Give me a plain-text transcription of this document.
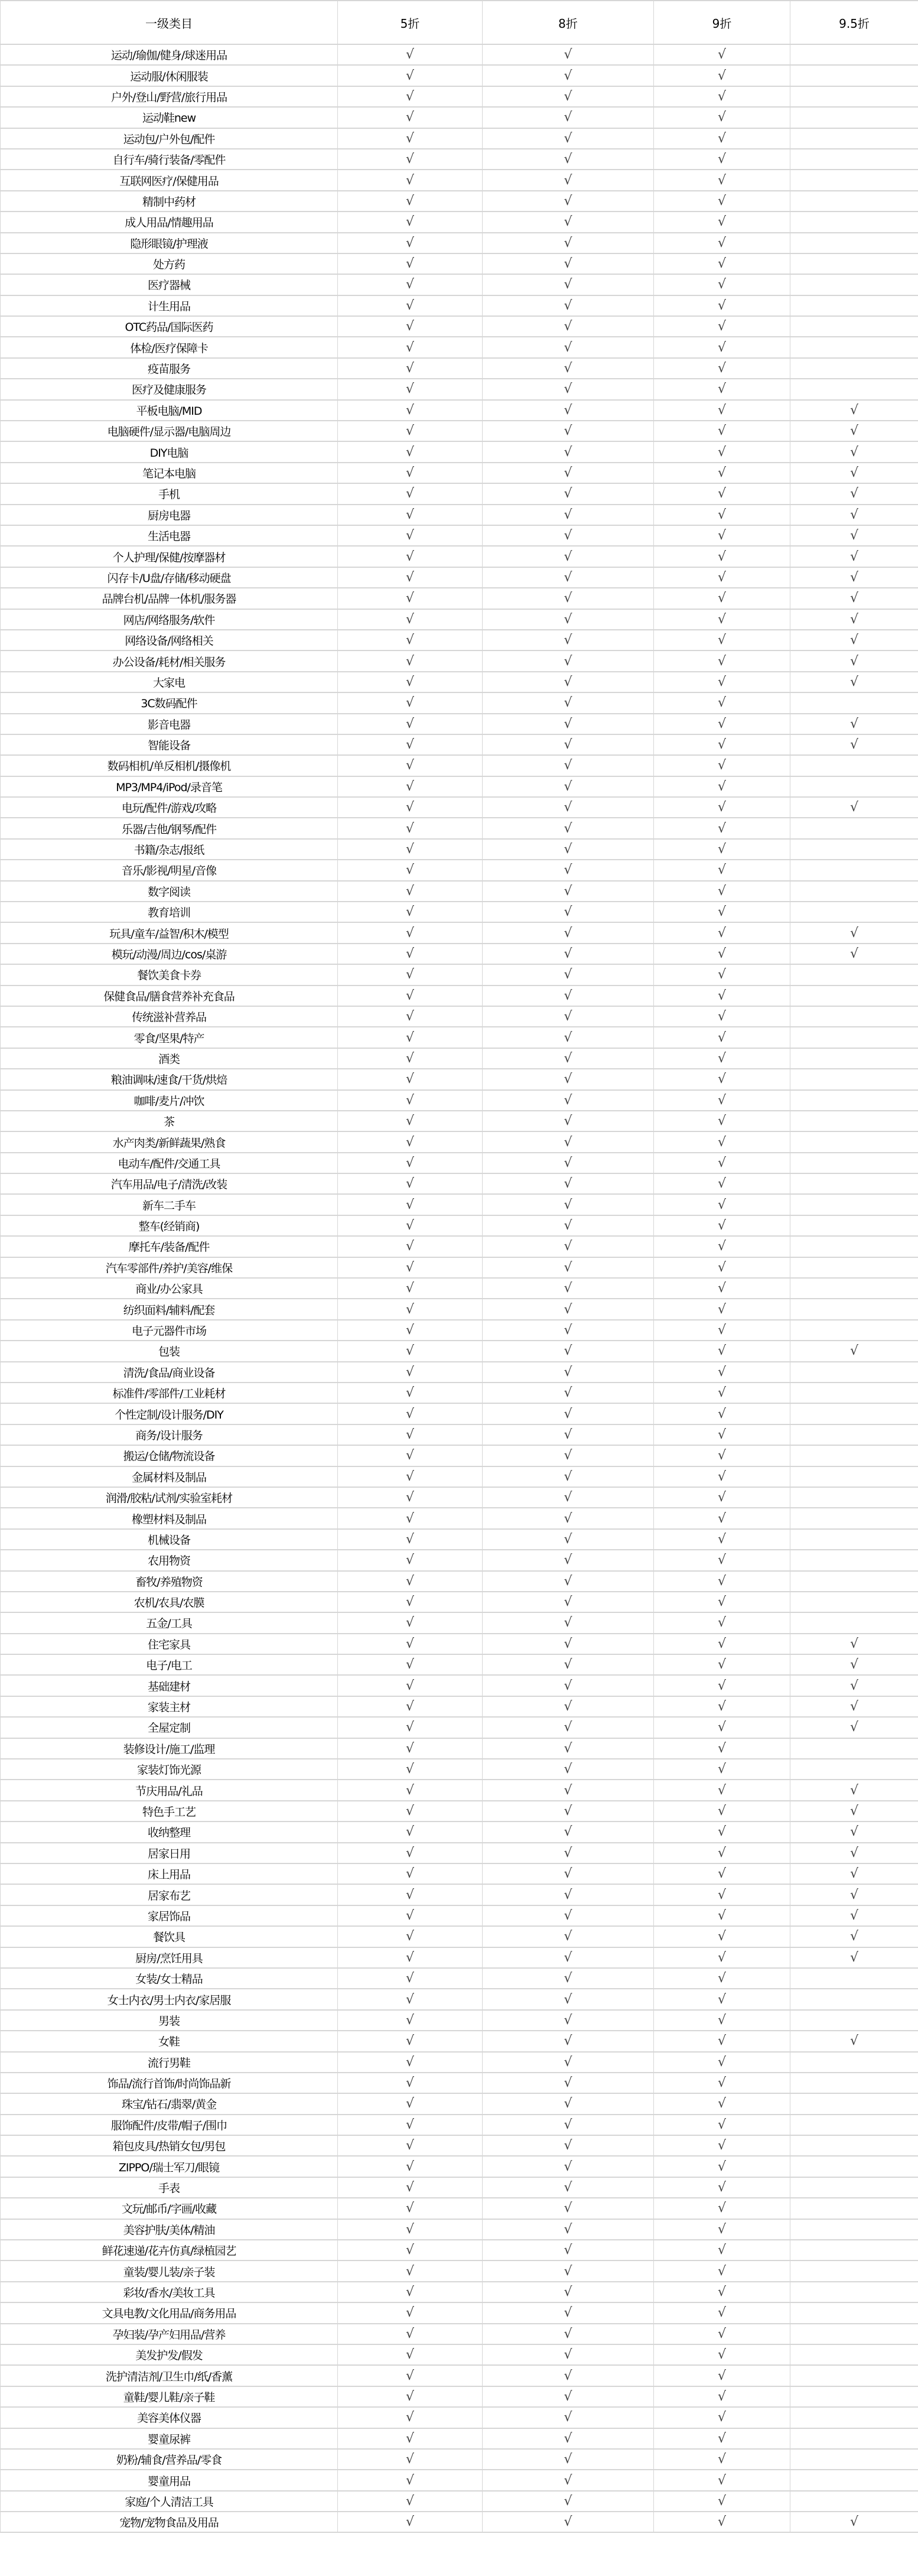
一级类目	5折	8折	9折	9.5折
运动/瑜伽/健身/球迷用品	√	√	√	
运动服/休闲服装	√	√	√	
户外/登山/野营/旅行用品	√	√	√	
运动鞋new	√	√	√	
运动包/户外包/配件	√	√	√	
自行车/骑行装备/零配件	√	√	√	
互联网医疗/保健用品	√	√	√	
精制中药材	√	√	√	
成人用品/情趣用品	√	√	√	
隐形眼镜/护理液	√	√	√	
处方药	√	√	√	
医疗器械	√	√	√	
计生用品	√	√	√	
OTC药品/国际医药	√	√	√	
体检/医疗保障卡	√	√	√	
疫苗服务	√	√	√	
医疗及健康服务	√	√	√	
平板电脑/MID	√	√	√	√
电脑硬件/显示器/电脑周边	√	√	√	√
DIY电脑	√	√	√	√
笔记本电脑	√	√	√	√
手机	√	√	√	√
厨房电器	√	√	√	√
生活电器	√	√	√	√
个人护理/保健/按摩器材	√	√	√	√
闪存卡/U盘/存储/移动硬盘	√	√	√	√
品牌台机/品牌一体机/服务器	√	√	√	√
网店/网络服务/软件	√	√	√	√
网络设备/网络相关	√	√	√	√
办公设备/耗材/相关服务	√	√	√	√
大家电	√	√	√	√
3C数码配件	√	√	√	
影音电器	√	√	√	√
智能设备	√	√	√	√
数码相机/单反相机/摄像机	√	√	√	
MP3/MP4/iPod/录音笔	√	√	√	
电玩/配件/游戏/攻略	√	√	√	√
乐器/吉他/钢琴/配件	√	√	√	
书籍/杂志/报纸	√	√	√	
音乐/影视/明星/音像	√	√	√	
数字阅读	√	√	√	
教育培训	√	√	√	
玩具/童车/益智/积木/模型	√	√	√	√
模玩/动漫/周边/cos/桌游	√	√	√	√
餐饮美食卡券	√	√	√	
保健食品/膳食营养补充食品	√	√	√	
传统滋补营养品	√	√	√	
零食/坚果/特产	√	√	√	
酒类	√	√	√	
粮油调味/速食/干货/烘焙	√	√	√	
咖啡/麦片/冲饮	√	√	√	
茶	√	√	√	
水产肉类/新鲜蔬果/熟食	√	√	√	
电动车/配件/交通工具	√	√	√	
汽车用品/电子/清洗/改装	√	√	√	
新车二手车	√	√	√	
整车(经销商)	√	√	√	
摩托车/装备/配件	√	√	√	
汽车零部件/养护/美容/维保	√	√	√	
商业/办公家具	√	√	√	
纺织面料/辅料/配套	√	√	√	
电子元器件市场	√	√	√	
包装	√	√	√	√
清洗/食品/商业设备	√	√	√	
标准件/零部件/工业耗材	√	√	√	
个性定制/设计服务/DIY	√	√	√	
商务/设计服务	√	√	√	
搬运/仓储/物流设备	√	√	√	
金属材料及制品	√	√	√	
润滑/胶粘/试剂/实验室耗材	√	√	√	
橡塑材料及制品	√	√	√	
机械设备	√	√	√	
农用物资	√	√	√	
畜牧/养殖物资	√	√	√	
农机/农具/农膜	√	√	√	
五金/工具	√	√	√	
住宅家具	√	√	√	√
电子/电工	√	√	√	√
基础建材	√	√	√	√
家装主材	√	√	√	√
全屋定制	√	√	√	√
装修设计/施工/监理	√	√	√	
家装灯饰光源	√	√	√	
节庆用品/礼品	√	√	√	√
特色手工艺	√	√	√	√
收纳整理	√	√	√	√
居家日用	√	√	√	√
床上用品	√	√	√	√
居家布艺	√	√	√	√
家居饰品	√	√	√	√
餐饮具	√	√	√	√
厨房/烹饪用具	√	√	√	√
女装/女士精品	√	√	√	
女士内衣/男士内衣/家居服	√	√	√	
男装	√	√	√	
女鞋	√	√	√	√
流行男鞋	√	√	√	
饰品/流行首饰/时尚饰品新	√	√	√	
珠宝/钻石/翡翠/黄金	√	√	√	
服饰配件/皮带/帽子/围巾	√	√	√	
箱包皮具/热销女包/男包	√	√	√	
ZIPPO/瑞士军刀/眼镜	√	√	√	
手表	√	√	√	
文玩/邮币/字画/收藏	√	√	√	
美容护肤/美体/精油	√	√	√	
鲜花速递/花卉仿真/绿植园艺	√	√	√	
童装/婴儿装/亲子装	√	√	√	
彩妆/香水/美妆工具	√	√	√	
文具电教/文化用品/商务用品	√	√	√	
孕妇装/孕产妇用品/营养	√	√	√	
美发护发/假发	√	√	√	
洗护清洁剂/卫生巾/纸/香薰	√	√	√	
童鞋/婴儿鞋/亲子鞋	√	√	√	
美容美体仪器	√	√	√	
婴童尿裤	√	√	√	
奶粉/辅食/营养品/零食	√	√	√	
婴童用品	√	√	√	
家庭/个人清洁工具	√	√	√	
宠物/宠物食品及用品	√	√	√	√
